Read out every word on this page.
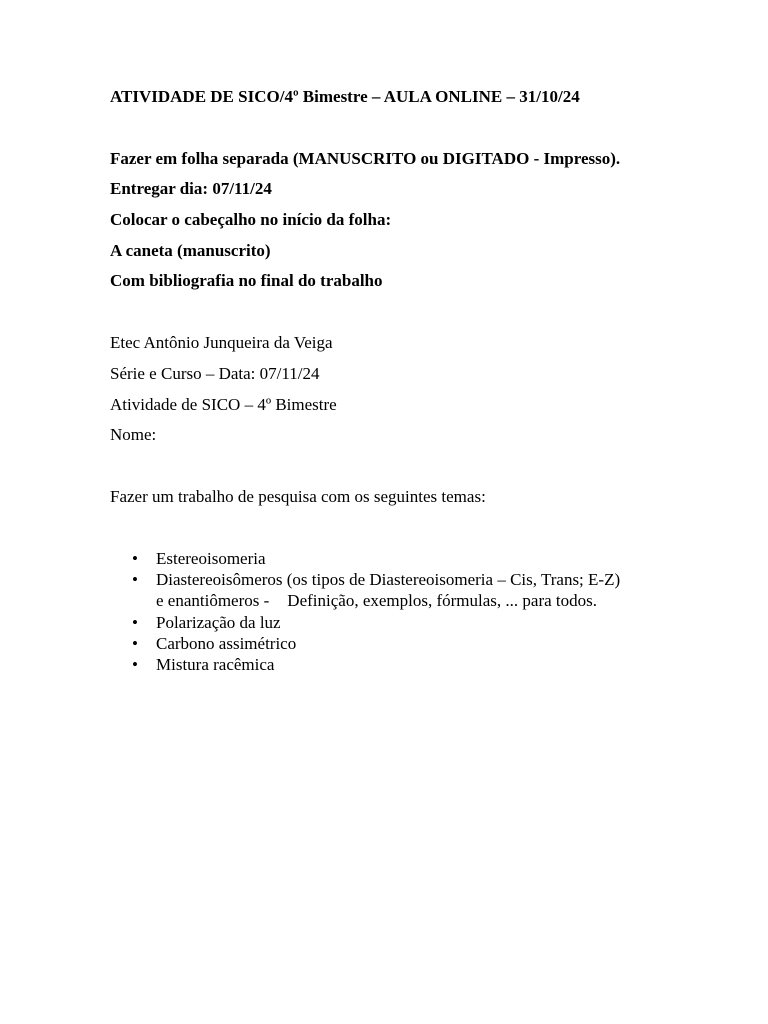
ATIVIDADE DE SICO/4º Bimestre – AULA ONLINE – 31/10/24
Fazer em folha separada (MANUSCRITO ou DIGITADO - Impresso).
Entregar dia: 07/11/24
Colocar o cabeçalho no início da folha:
A caneta (manuscrito)
Com bibliografia no final do trabalho
Etec Antônio Junqueira da Veiga
Série e Curso – Data: 07/11/24
Atividade de SICO – 4º Bimestre
Nome:
Fazer um trabalho de pesquisa com os seguintes temas:
• Estereoisomeria
• Diastereoisômeros (os tipos de Diastereoisomeria – Cis, Trans; E-Z)
e enantiômeros - Definição, exemplos, fórmulas, ... para todos.
• Polarização da luz
• Carbono assimétrico
• Mistura racêmica
